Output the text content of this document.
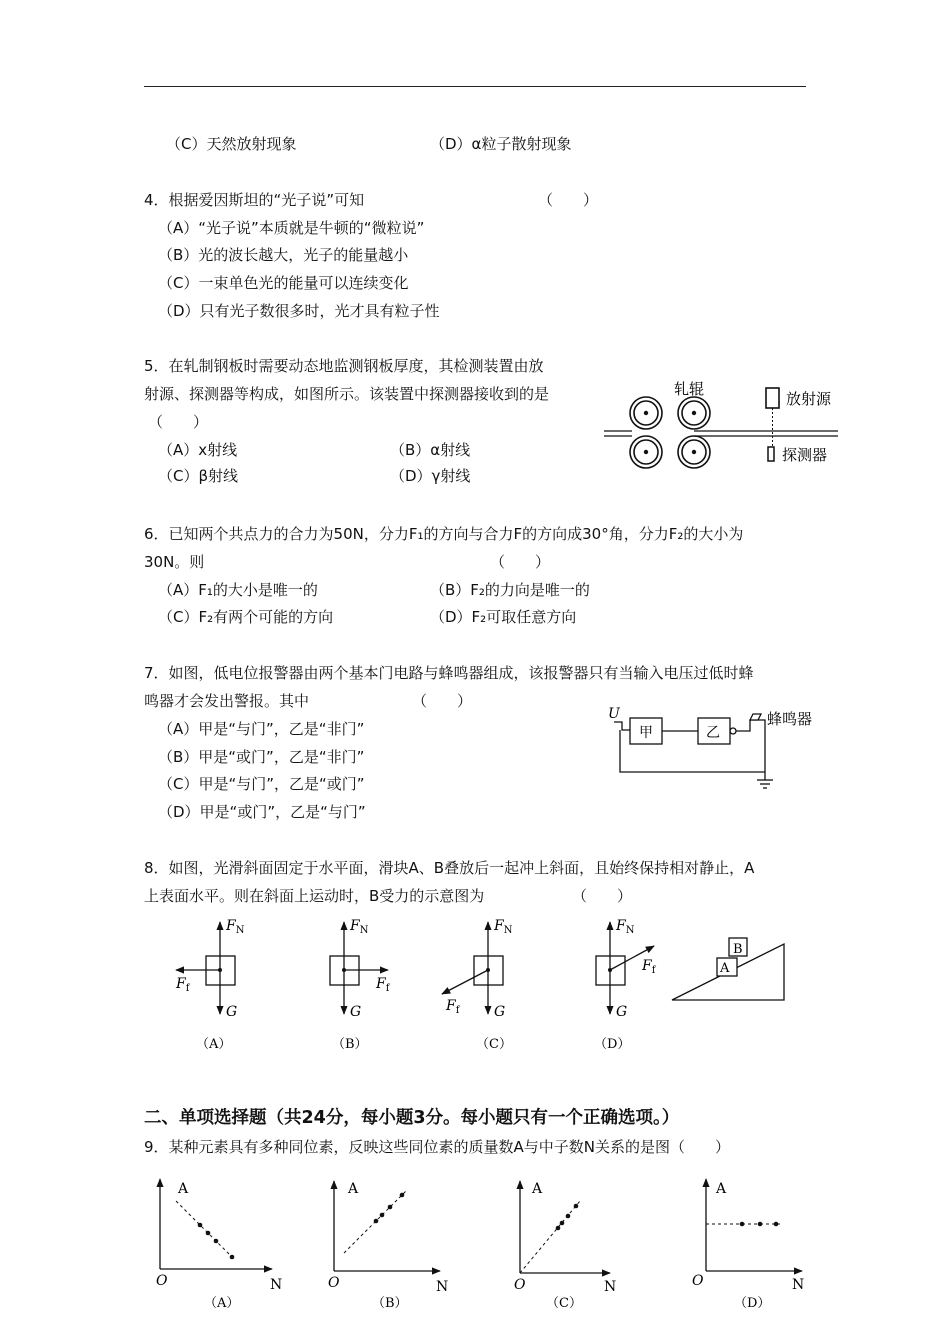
（C）天然放射现象	（D）α粒子散射现象
4．根据爱因斯坦的“光子说”可知	（　　）
（A）“光子说”本质就是牛顿的“微粒说”
（B）光的波长越大，光子的能量越小
（C）一束单色光的能量可以连续变化
（D）只有光子数很多时，光才具有粒子性
5．在轧制钢板时需要动态地监测钢板厚度，其检测装置由放
射源、探测器等构成，如图所示。该装置中探测器接收到的是
（　　）
（A）x射线	（B）α射线
（C）β射线	（D）γ射线
轧辊
放射源
探测器
6．已知两个共点力的合力为50N，分力F₁的方向与合力F的方向成30°角，分力F₂的大小为
30N。则	（　　）
（A）F₁的大小是唯一的	（B）F₂的力向是唯一的
（C）F₂有两个可能的方向	（D）F₂可取任意方向
7．如图，低电位报警器由两个基本门电路与蜂鸣器组成，该报警器只有当输入电压过低时蜂
鸣器才会发出警报。其中	（　　）
（A）甲是“与门”，乙是“非门”
（B）甲是“或门”，乙是“非门”
（C）甲是“与门”，乙是“或门”
（D）甲是“或门”，乙是“与门”
U
甲	乙
蜂鸣器
8．如图，光滑斜面固定于水平面，滑块A、B叠放后一起冲上斜面，且始终保持相对静止，A
上表面水平。则在斜面上运动时，B受力的示意图为	（　　）
$F_N$
$F_f$
G
（A）
$F_N$
$F_f$
G
（B）
$F_N$
$F_f$ G
（C）
$F_N$
$F_f$
G
（D）
A
B
二、单项选择题（共24分，每小题3分。每小题只有一个正确选项。）
9．某种元素具有多种同位素，反映这些同位素的质量数A与中子数N关系的是图（　　）
A
N
O
（A）
A
N
O
（B）
A
N
O
（C）
A
N
O
（D）
